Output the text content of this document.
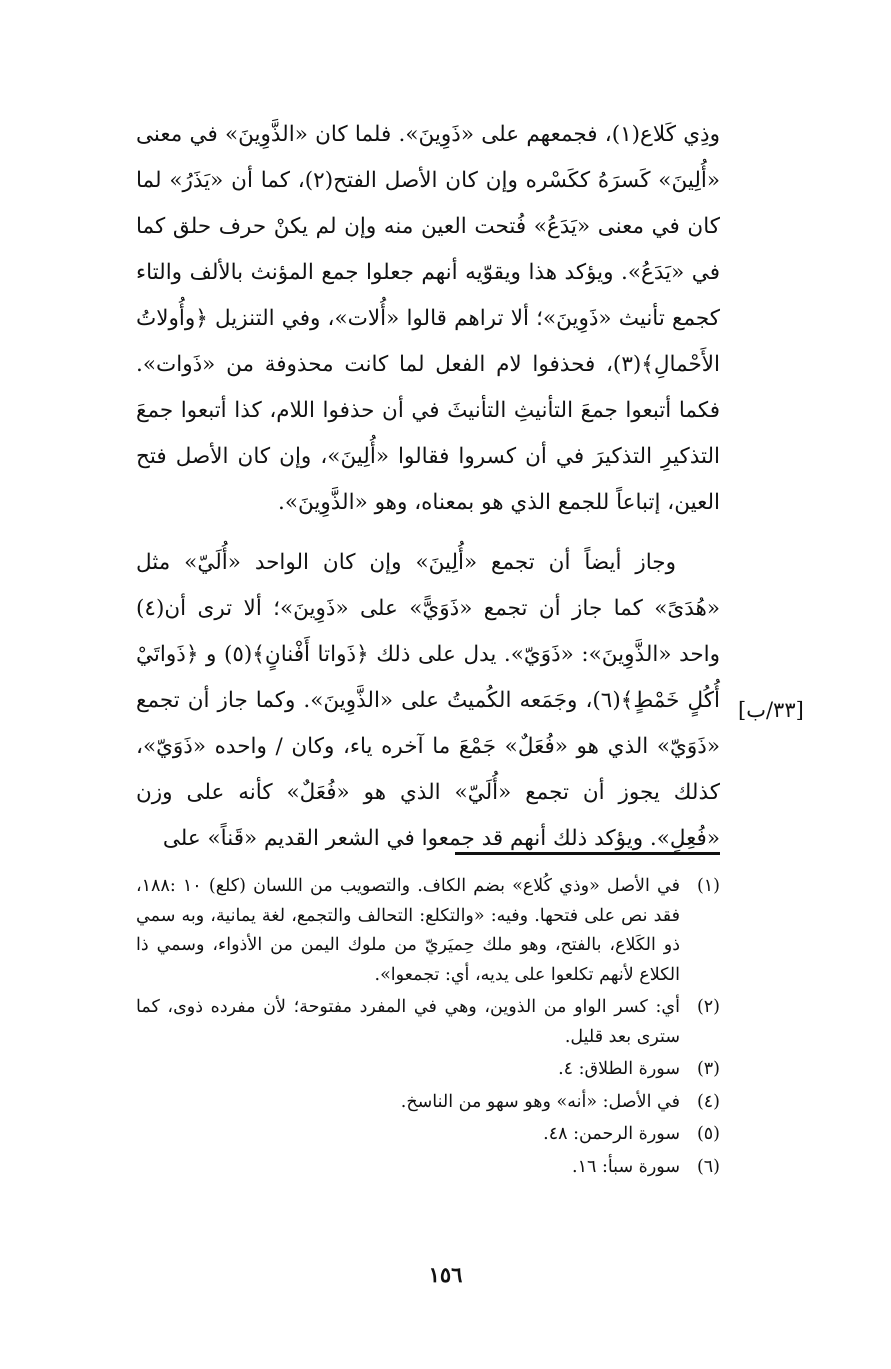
وذِي كَلاع(١)، فجمعهم على «ذَوِينَ». فلما كان «الذَّوِينَ» في معنى «أُلِينَ» كَسرَهُ ككَسْره وإن كان الأصل الفتح(٢)، كما أن «يَذَرُ» لما كان في معنى «يَدَعُ» فُتحت العين منه وإن لم يكنْ حرف حلق كما في «يَدَعُ». ويؤكد هذا ويقوّيه أنهم جعلوا جمع المؤنث بالألف والتاء كجمع تأنيث «ذَوِينَ»؛ ألا تراهم قالوا «أُلات»، وفي التنزيل ﴿وأُولاتُ الأَحْمالِ﴾(٣)، فحذفوا لام الفعل لما كانت محذوفة من «ذَوات». فكما أتبعوا جمعَ التأنيثِ التأنيثَ في أن حذفوا اللام، كذا أتبعوا جمعَ التذكيرِ التذكيرَ في أن كسروا فقالوا «أُلِينَ»، وإن كان الأصل فتح العين، إتباعاً للجمع الذي هو بمعناه، وهو «الذَّوِينَ».

وجاز أيضاً أن تجمع «أُلِينَ» وإن كان الواحد «أُلَيّ» مثل «هُدَىً» كما جاز أن تجمع «ذَوَيًّ» على «ذَوِينَ»؛ ألا ترى أن(٤) واحد «الذَّوِينَ»: «ذَوَيّ». يدل على ذلك ﴿ذَواتا أَفْنانٍ﴾(٥) و ﴿ذَواتَيْ أُكُلٍ خَمْطٍ﴾(٦)، وجَمَعه الكُميتُ على «الذَّوِينَ». وكما جاز أن تجمع «ذَوَيّ» الذي هو «فُعَلٌ» جَمْعَ ما آخره ياء، وكان / واحده «ذَوَيّ»، كذلك يجوز أن تجمع «أُلَيّ» الذي هو «فُعَلٌ» كأنه على وزن «فُعِلٍ». ويؤكد ذلك أنهم قد جمعوا في الشعر القديم «قَناً» على

[٣٣/ب]
(١)
في الأصل «وذي كُلاع» بضم الكاف. والتصويب من اللسان (كلع) ١٠ :١٨٨، فقد نص على فتحها. وفيه: «والتكلع: التحالف والتجمع، لغة يمانية، وبه سمي ذو الكَلاع، بالفتح، وهو ملك حِميَريّ من ملوك اليمن من الأذواء، وسمي ذا الكلاع لأنهم تكلعوا على يديه، أي: تجمعوا».
(٢)
أي: كسر الواو من الذوين، وهي في المفرد مفتوحة؛ لأن مفرده ذوى، كما سترى بعد قليل.
(٣)
سورة الطلاق: ٤.
(٤)
في الأصل: «أنه» وهو سهو من الناسخ.
(٥)
سورة الرحمن: ٤٨.
(٦)
سورة سبأ: ١٦.
١٥٦
